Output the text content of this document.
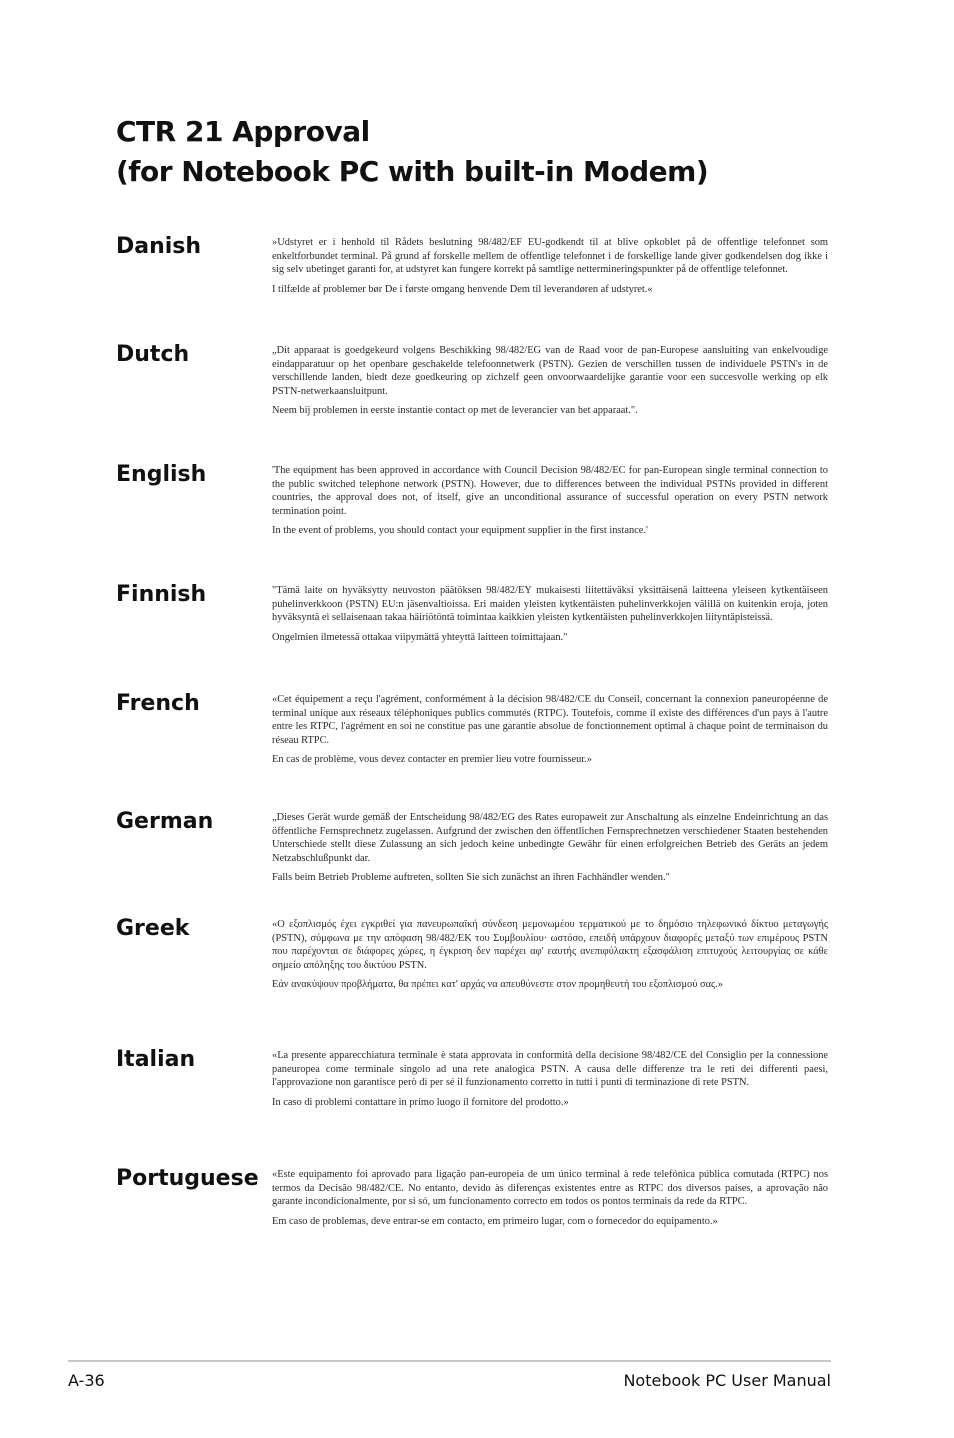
CTR 21 Approval
(for Notebook PC with built-in Modem)
Danish	»Udstyret er i henhold til Rådets beslutning 98/482/EF EU-godkendt til at blive opkoblet på de offentlige telefonnet som enkeltforbundet terminal. På grund af forskelle mellem de offentlige telefonnet i de forskellige lande giver godkendelsen dog ikke i sig selv ubetinget garanti for, at udstyret kan fungere korrekt på samtlige nettermineringspunkter på de offentlige telefonnet.

I tilfælde af problemer bør De i første omgang henvende Dem til leverandøren af udstyret.«

Dutch	„Dit apparaat is goedgekeurd volgens Beschikking 98/482/EG van de Raad voor de pan-Europese aansluiting van enkelvoudige eindapparatuur op het openbare geschakelde telefoonnetwerk (PSTN). Gezien de verschillen tussen de individuele PSTN's in de verschillende landen, biedt deze goedkeuring op zichzelf geen onvoorwaardelijke garantie voor een succesvolle werking op elk PSTN-netwerkaansluitpunt.

Neem bij problemen in eerste instantie contact op met de leverancier van het apparaat.".

English	'The equipment has been approved in accordance with Council Decision 98/482/EC for pan-European single terminal connection to the public switched telephone network (PSTN). However, due to differences between the individual PSTNs provided in different countries, the approval does not, of itself, give an unconditional assurance of successful operation on every PSTN network termination point.

In the event of problems, you should contact your equipment supplier in the first instance.'

Finnish	"Tämä laite on hyväksytty neuvoston päätöksen 98/482/EY mukaisesti liitettäväksi yksittäisenä laitteena yleiseen kytkentäiseen puhelinverkkoon (PSTN) EU:n jäsenvaltioissa. Eri maiden yleisten kytkentäisten puhelinverkkojen välillä on kuitenkin eroja, joten hyväksyntä ei sellaisenaan takaa häiriötöntä toimintaa kaikkien yleisten kytkentäisten puhelinverkkojen liityntäpisteissä.

Ongelmien ilmetessä ottakaa viipymättä yhteyttä laitteen toimittajaan."

French	«Cet équipement a reçu l'agrément, conformément à la décision 98/482/CE du Conseil, concernant la connexion paneuropéenne de terminal unique aux réseaux téléphoniques publics commutés (RTPC). Toutefois, comme il existe des différences d'un pays à l'autre entre les RTPC, l'agrément en soi ne constitue pas une garantie absolue de fonctionnement optimal à chaque point de terminaison du réseau RTPC.

En cas de problème, vous devez contacter en premier lieu votre fournisseur.»

German	„Dieses Gerät wurde gemäß der Entscheidung 98/482/EG des Rates europaweit zur Anschaltung als einzelne Endeinrichtung an das öffentliche Fernsprechnetz zugelassen. Aufgrund der zwischen den öffentlichen Fernsprechnetzen verschiedener Staaten bestehenden Unterschiede stellt diese Zulassung an sich jedoch keine unbedingte Gewähr für einen erfolgreichen Betrieb des Geräts an jedem Netzabschlußpunkt dar.

Falls beim Betrieb Probleme auftreten, sollten Sie sich zunächst an ihren Fachhändler wenden."

Greek	«Ο εξοπλισμός έχει εγκριθεί για πανευρωπαϊκή σύνδεση μεμονωμέου τερματικού με το δημόσιο τηλεφωνικό δίκτυο μεταγωγής (PSTN), σύμφωνα με την απόφαση 98/482/ΕΚ του Συμβουλίου· ωστόσο, επειδή υπάρχουν διαφορές μεταξύ των επιμέρους PSTN που παρέχονται σε διάφορες χώρες, η έγκριση δεν παρέχει αφ' εαυτής ανεπιφύλακτη εξασφάλιση επιτυχούς λειτουργίας σε κάθε σημείο απόληξης του δικτύου PSTN.

Εάν ανακύψουν προβλήματα, θα πρέπει κατ' αρχάς να απευθύνεστε στον προμηθευτή του εξοπλισμού σας.»

Italian	«La presente apparecchiatura terminale è stata approvata in conformità della decisione 98/482/CE del Consiglio per la connessione paneuropea come terminale singolo ad una rete analogica PSTN. A causa delle differenze tra le reti dei differenti paesi, l'approvazione non garantisce però di per sé il funzionamento corretto in tutti i punti di terminazione di rete PSTN.

In caso di problemi contattare in primo luogo il fornitore del prodotto.»

Portuguese «Este equipamento foi aprovado para ligação pan-europeia de um único terminal à rede telefónica pública comutada (RTPC) nos termos da Decisão 98/482/CE. No entanto, devido às diferenças existentes entre as RTPC dos diversos países, a aprovação não garante incondicionalmente, por si só, um funcionamento correcto em todos os pontos terminais da rede da RTPC.

Em caso de problemas, deve entrar-se em contacto, em primeiro lugar, com o fornecedor do equipamento.»

A-36	Notebook PC User Manual
